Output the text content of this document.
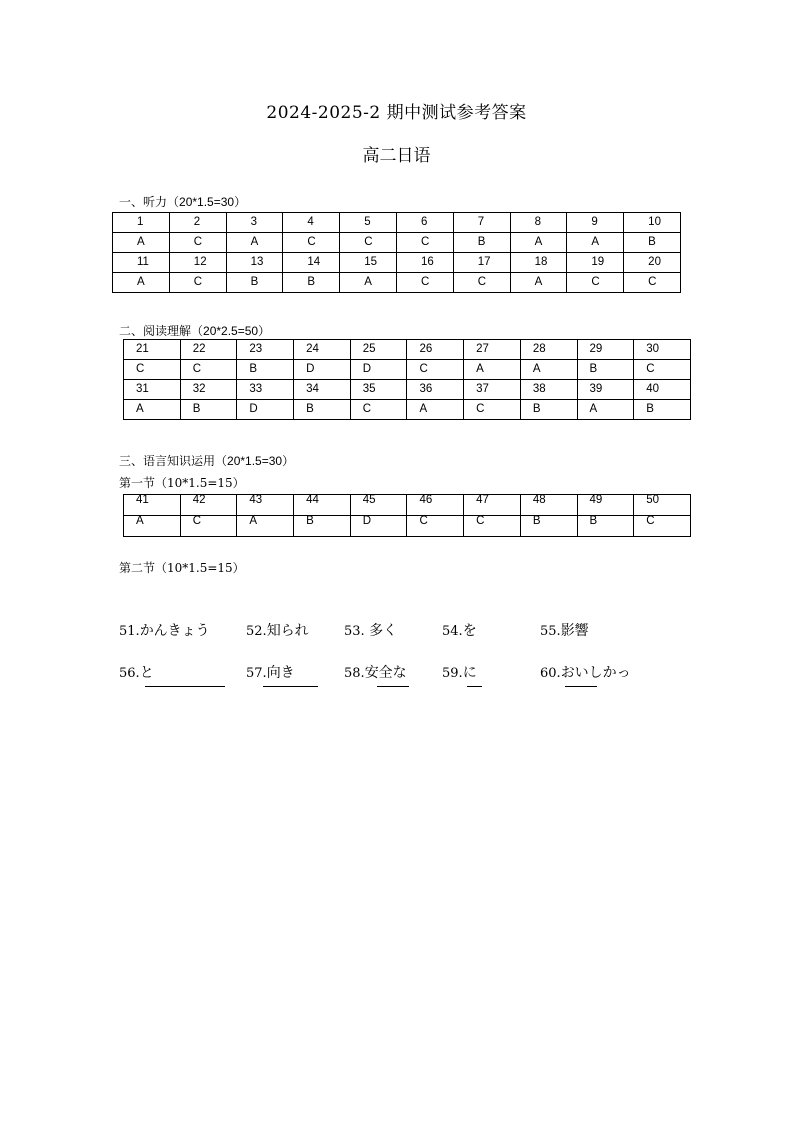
2024-2025-2 期中测试参考答案
高二日语
一、听力（20*1.5=30）
1	2	3	4	5	6	7	8	9	10
A	C	A	C	C	C	B	A	A	B
11	12	13	14	15	16	17	18	19	20
A	C	B	B	A	C	C	A	C	C
二、阅读理解（20*2.5=50）
21	22	23	24	25	26	27	28	29	30
C	C	B	D	D	C	A	A	B	C
31	32	33	34	35	36	37	38	39	40
A	B	D	B	C	A	C	B	A	B
三、语言知识运用（20*1.5=30）
第一节（10*1.5=15）
41	42	43	44	45	46	47	48	49	50
A	C	A	B	D	C	C	B	B	C
第二节（10*1.5=15）
51.かんきょう	52.知られ	53. 多く	54.を	55.影響
56.と	57.向き	58.安全な	59.に	60.おいしかっ
